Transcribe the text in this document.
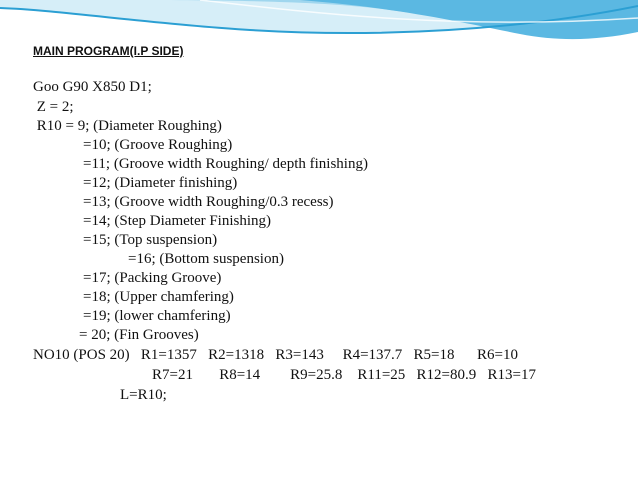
MAIN PROGRAM(I.P SIDE)
Goo G90 X850 D1;
Z = 2;
R10 = 9; (Diameter Roughing)
=10; (Groove Roughing)
=11; (Groove width Roughing/ depth finishing)
=12; (Diameter finishing)
=13; (Groove width Roughing/0.3 recess)
=14; (Step Diameter Finishing)
=15; (Top suspension)
=16; (Bottom suspension)
=17; (Packing Groove)
=18; (Upper chamfering)
=19; (lower chamfering)
= 20; (Fin Grooves)
NO10 (POS 20)   R1=1357   R2=1318   R3=143     R4=137.7   R5=18      R6=10
R7=21       R8=14        R9=25.8    R11=25   R12=80.9   R13=17
L=R10;
